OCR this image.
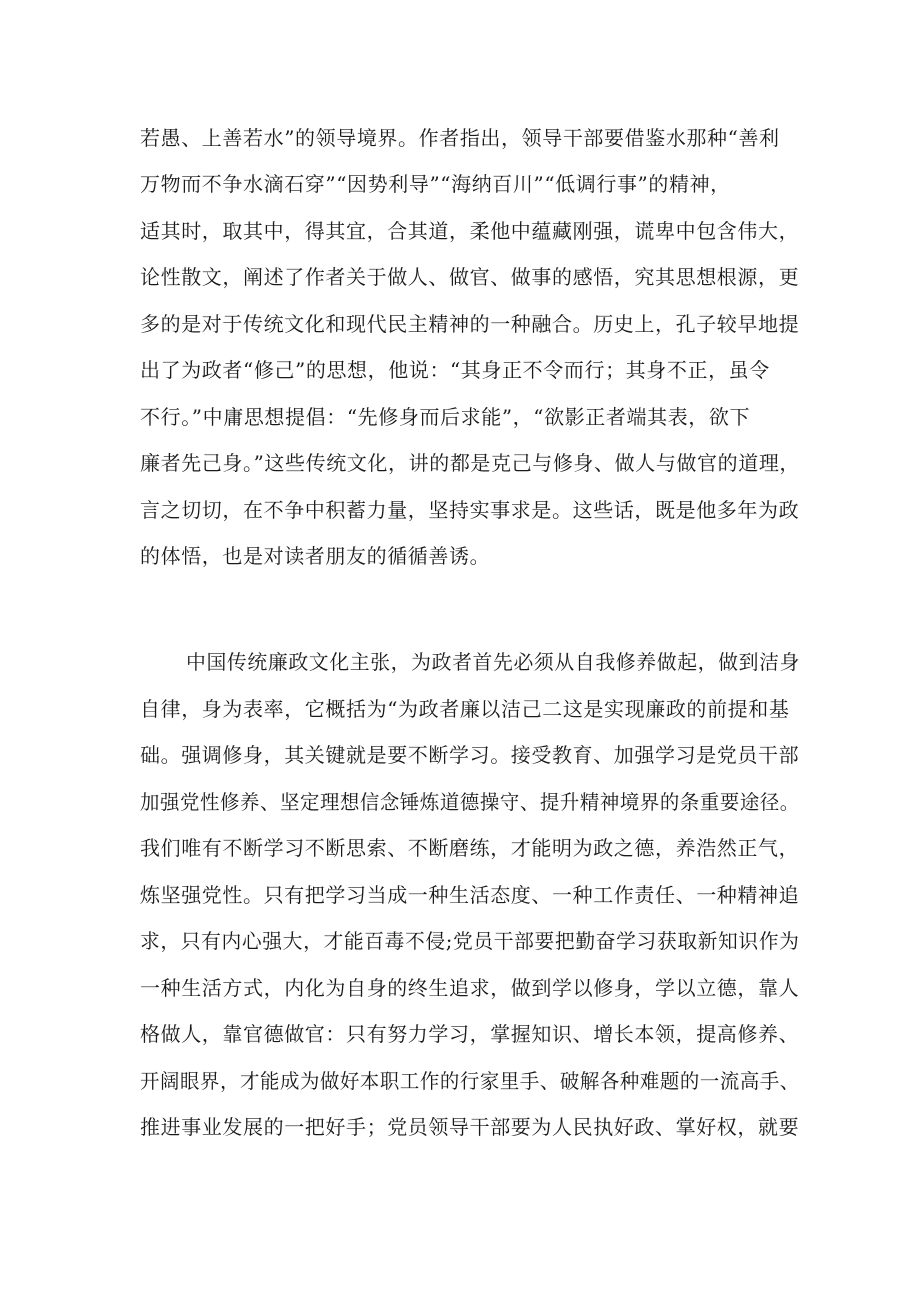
若愚、上善若水”的领导境界。作者指出，领导干部要借鉴水那种“善利
万物而不争水滴石穿”“因势利导”“海纳百川”“低调行事”的精神，
适其时，取其中，得其宜，合其道，柔他中蕴藏刚强，谎卑中包含伟大，
论性散文，阐述了作者关于做人、做官、做事的感悟，究其思想根源，更
多的是对于传统文化和现代民主精神的一种融合。历史上，孔子较早地提
出了为政者“修己”的思想，他说：“其身正不令而行；其身不正，虽令
不行。”中庸思想提倡：“先修身而后求能”，“欲影正者端其表，欲下
廉者先己身。”这些传统文化，讲的都是克己与修身、做人与做官的道理，
言之切切，在不争中积蓄力量，坚持实事求是。这些话，既是他多年为政
的体悟，也是对读者朋友的循循善诱。
中国传统廉政文化主张，为政者首先必须从自我修养做起，做到洁身
自律，身为表率，它概括为“为政者廉以洁己二这是实现廉政的前提和基
础。强调修身，其关键就是要不断学习。接受教育、加强学习是党员干部
加强党性修养、坚定理想信念锤炼道德操守、提升精神境界的条重要途径。
我们唯有不断学习不断思索、不断磨练，才能明为政之德，养浩然正气，
炼坚强党性。只有把学习当成一种生活态度、一种工作责任、一种精神追
求，只有内心强大，才能百毒不侵;党员干部要把勤奋学习获取新知识作为
一种生活方式，内化为自身的终生追求，做到学以修身，学以立德，靠人
格做人，靠官德做官：只有努力学习，掌握知识、增长本领，提高修养、
开阔眼界，才能成为做好本职工作的行家里手、破解各种难题的一流高手、
推进事业发展的一把好手；党员领导干部要为人民执好政、掌好权，就要
